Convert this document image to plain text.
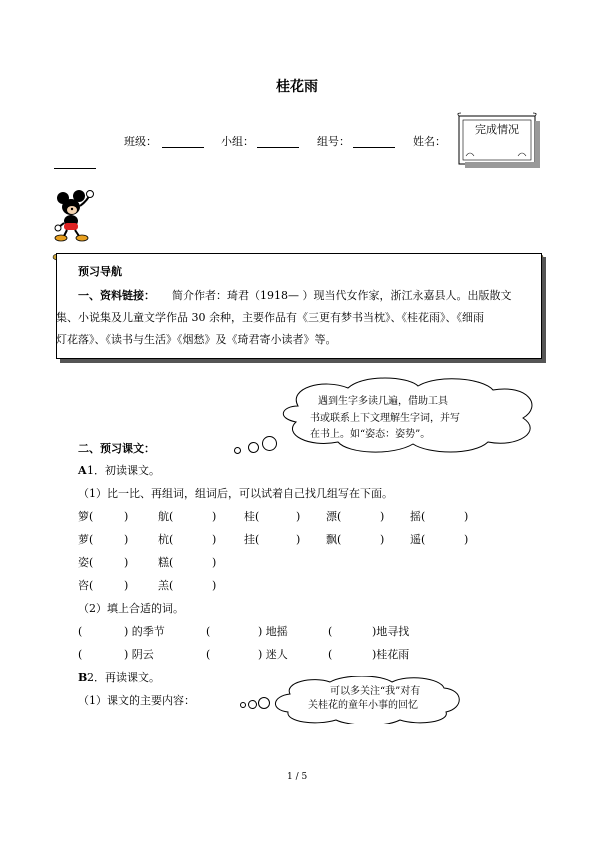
桂花雨
班级：	小组：	组号：	姓名：
完成情况
预习导航
一、资料链接： 简介作者：琦君（1918— ）现当代女作家，浙江永嘉县人。出版散文
集、小说集及儿童文学作品 30 余种，主要作品有《三更有梦书当枕》、《桂花雨》、《细雨
灯花落》、《读书与生活》《烟愁》及《琦君寄小读者》等。
遇到生字多读几遍，借助工具
书或联系上下文理解生字词，并写
在书上。如“姿态：姿势”。
二、预习课文：
A 1．初读课文。
（1）比一比、再组词，组词后，可以试着自己找几组写在下面。
箩(	)	航(	)	桂(	) 漂(	) 摇(	)
萝(	)	杭(	)	挂(	) 飘(	) 遥(	)
姿(	)	糕(	)
咨(	)	羔(	)
（2）填上合适的词。
(	) 的季节	(	) 地摇	(	)地寻找
(	) 阴云	(	) 迷人	(	)桂花雨
B 2．再读课文。
（1）课文的主要内容：
可以多关注“我”对有
关桂花的童年小事的回忆
1 / 5
